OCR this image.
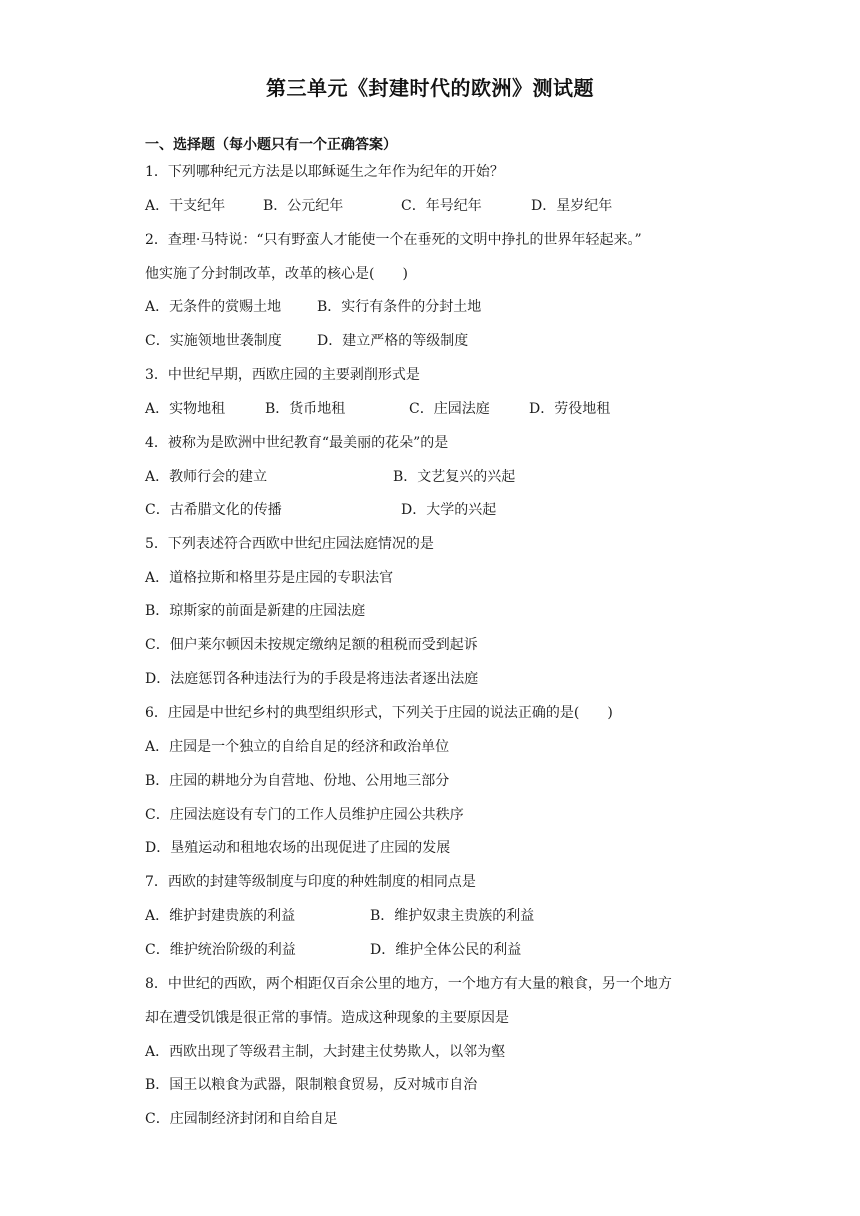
第三单元《封建时代的欧洲》测试题
一、选择题（每小题只有一个正确答案）
1．下列哪种纪元方法是以耶稣诞生之年作为纪年的开始？
A．干支纪年	B．公元纪年	C．年号纪年	D．星岁纪年
2．查理·马特说：“只有野蛮人才能使一个在垂死的文明中挣扎的世界年轻起来。”
他实施了分封制改革，改革的核心是(　　)
A．无条件的赏赐土地	B．实行有条件的分封土地
C．实施领地世袭制度	D．建立严格的等级制度
3．中世纪早期，西欧庄园的主要剥削形式是
A．实物地租	B．货币地租	C．庄园法庭	D．劳役地租
4．被称为是欧洲中世纪教育“最美丽的花朵”的是
A．教师行会的建立	B．文艺复兴的兴起
C．古希腊文化的传播	D．大学的兴起
5．下列表述符合西欧中世纪庄园法庭情况的是
A．道格拉斯和格里芬是庄园的专职法官
B．琼斯家的前面是新建的庄园法庭
C．佃户莱尔顿因未按规定缴纳足额的租税而受到起诉
D．法庭惩罚各种违法行为的手段是将违法者逐出法庭
6．庄园是中世纪乡村的典型组织形式，下列关于庄园的说法正确的是(　　)
A．庄园是一个独立的自给自足的经济和政治单位
B．庄园的耕地分为自营地、份地、公用地三部分
C．庄园法庭设有专门的工作人员维护庄园公共秩序
D．垦殖运动和租地农场的出现促进了庄园的发展
7．西欧的封建等级制度与印度的种姓制度的相同点是
A．维护封建贵族的利益	B．维护奴隶主贵族的利益
C．维护统治阶级的利益	D．维护全体公民的利益
8．中世纪的西欧，两个相距仅百余公里的地方，一个地方有大量的粮食，另一个地方
却在遭受饥饿是很正常的事情。造成这种现象的主要原因是
A．西欧出现了等级君主制，大封建主仗势欺人，以邻为壑
B．国王以粮食为武器，限制粮食贸易，反对城市自治
C．庄园制经济封闭和自给自足
